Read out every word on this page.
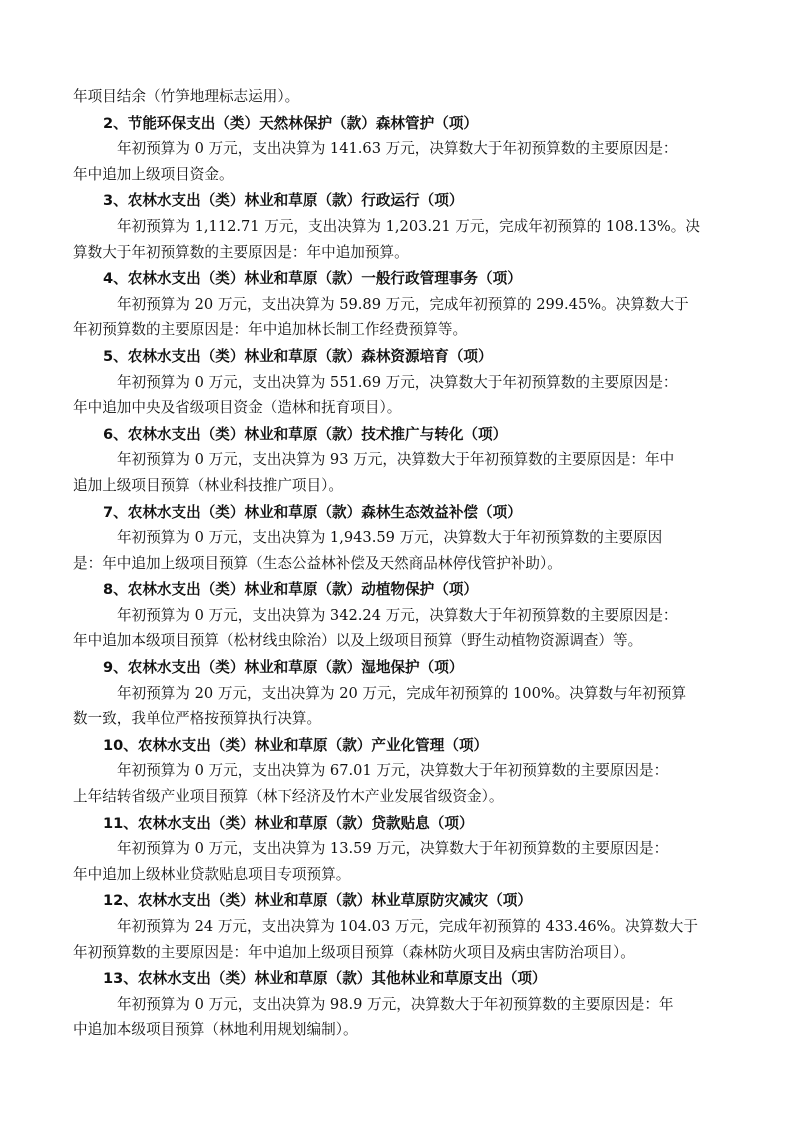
年项目结余（竹笋地理标志运用）。
2、节能环保支出（类）天然林保护（款）森林管护（项）
年初预算为 0 万元，支出决算为 141.63 万元，决算数大于年初预算数的主要原因是：
年中追加上级项目资金。
3、农林水支出（类）林业和草原（款）行政运行（项）
年初预算为 1,112.71 万元，支出决算为 1,203.21 万元，完成年初预算的 108.13%。决
算数大于年初预算数的主要原因是：年中追加预算。
4、农林水支出（类）林业和草原（款）一般行政管理事务（项）
年初预算为 20 万元，支出决算为 59.89 万元，完成年初预算的 299.45%。决算数大于
年初预算数的主要原因是：年中追加林长制工作经费预算等。
5、农林水支出（类）林业和草原（款）森林资源培育（项）
年初预算为 0 万元，支出决算为 551.69 万元，决算数大于年初预算数的主要原因是：
年中追加中央及省级项目资金（造林和抚育项目）。
6、农林水支出（类）林业和草原（款）技术推广与转化（项）
年初预算为 0 万元，支出决算为 93 万元，决算数大于年初预算数的主要原因是：年中
追加上级项目预算（林业科技推广项目）。
7、农林水支出（类）林业和草原（款）森林生态效益补偿（项）
年初预算为 0 万元，支出决算为 1,943.59 万元，决算数大于年初预算数的主要原因
是：年中追加上级项目预算（生态公益林补偿及天然商品林停伐管护补助）。
8、农林水支出（类）林业和草原（款）动植物保护（项）
年初预算为 0 万元，支出决算为 342.24 万元，决算数大于年初预算数的主要原因是：
年中追加本级项目预算（松材线虫除治）以及上级项目预算（野生动植物资源调查）等。
9、农林水支出（类）林业和草原（款）湿地保护（项）
年初预算为 20 万元，支出决算为 20 万元，完成年初预算的 100%。决算数与年初预算
数一致，我单位严格按预算执行决算。
10、农林水支出（类）林业和草原（款）产业化管理（项）
年初预算为 0 万元，支出决算为 67.01 万元，决算数大于年初预算数的主要原因是：
上年结转省级产业项目预算（林下经济及竹木产业发展省级资金）。
11、农林水支出（类）林业和草原（款）贷款贴息（项）
年初预算为 0 万元，支出决算为 13.59 万元，决算数大于年初预算数的主要原因是：
年中追加上级林业贷款贴息项目专项预算。
12、农林水支出（类）林业和草原（款）林业草原防灾减灾（项）
年初预算为 24 万元，支出决算为 104.03 万元，完成年初预算的 433.46%。决算数大于
年初预算数的主要原因是：年中追加上级项目预算（森林防火项目及病虫害防治项目）。
13、农林水支出（类）林业和草原（款）其他林业和草原支出（项）
年初预算为 0 万元，支出决算为 98.9 万元，决算数大于年初预算数的主要原因是：年
中追加本级项目预算（林地利用规划编制）。
